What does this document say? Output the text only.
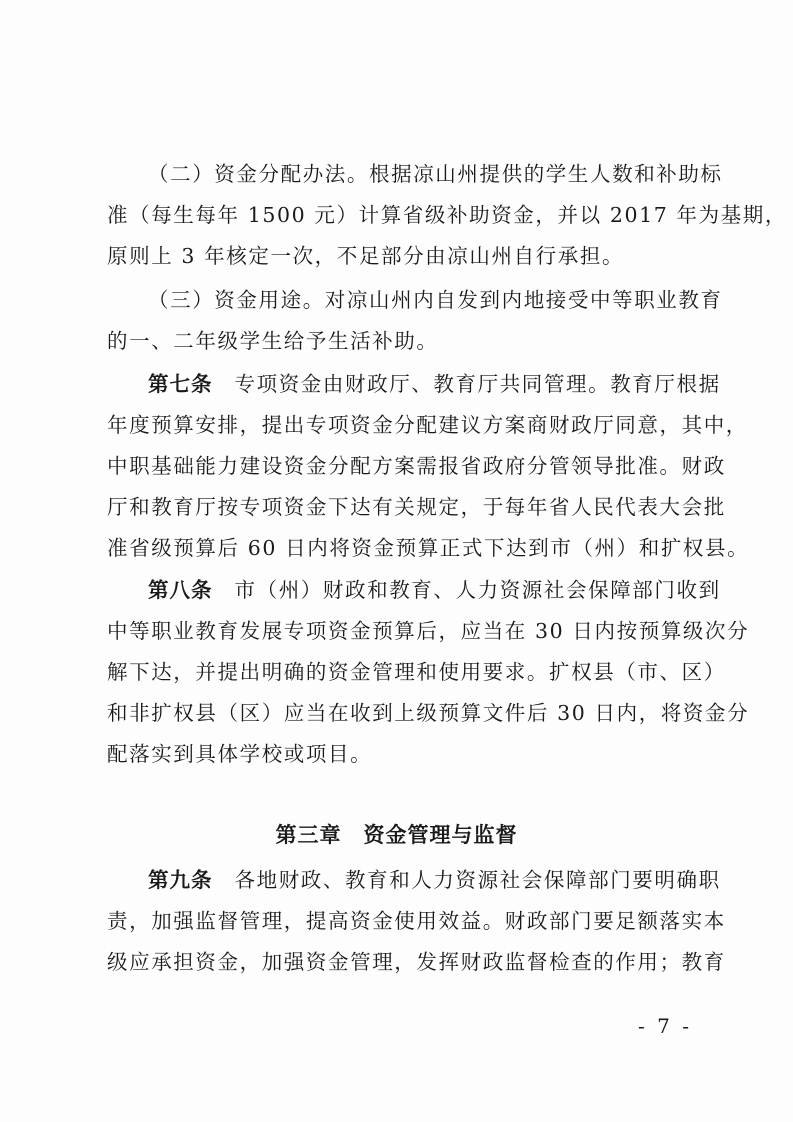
（二）资金分配办法。根据凉山州提供的学生人数和补助标
准（每生每年 1500 元）计算省级补助资金，并以 2017 年为基期，
原则上 3 年核定一次，不足部分由凉山州自行承担。
（三）资金用途。对凉山州内自发到内地接受中等职业教育
的一、二年级学生给予生活补助。
第七条 专项资金由财政厅、教育厅共同管理。教育厅根据
年度预算安排，提出专项资金分配建议方案商财政厅同意，其中，
中职基础能力建设资金分配方案需报省政府分管领导批准。财政
厅和教育厅按专项资金下达有关规定，于每年省人民代表大会批
准省级预算后 60 日内将资金预算正式下达到市（州）和扩权县。
第八条 市（州）财政和教育、人力资源社会保障部门收到
中等职业教育发展专项资金预算后，应当在 30 日内按预算级次分
解下达，并提出明确的资金管理和使用要求。扩权县（市、区）
和非扩权县（区）应当在收到上级预算文件后 30 日内，将资金分
配落实到具体学校或项目。
第三章　资金管理与监督
第九条 各地财政、教育和人力资源社会保障部门要明确职
责，加强监督管理，提高资金使用效益。财政部门要足额落实本
级应承担资金，加强资金管理，发挥财政监督检查的作用；教育
- 7 -
